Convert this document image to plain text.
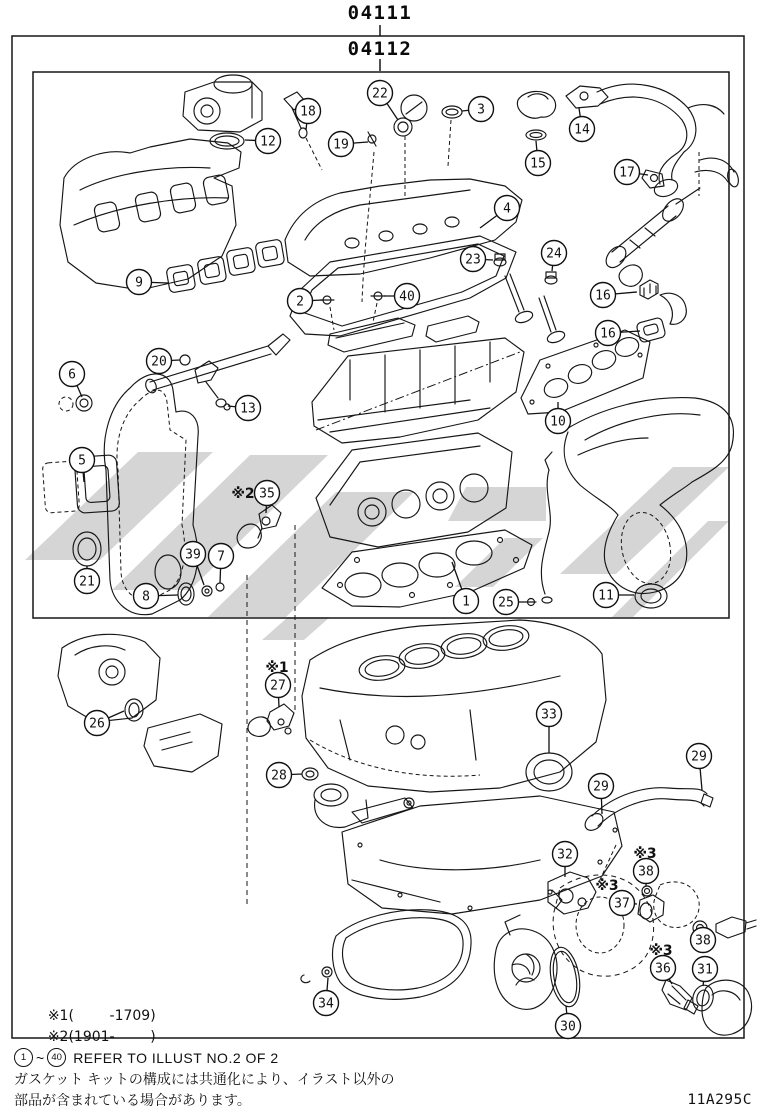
04111
04112
1
2
3
4
5
6
7
8
9
10
11
12
13
14
15
16
16
17
18
19
20
21
22
23	24
25
26
27
28
29
29
30
31
32
33
34
35
36
37
38
38
39
40
※1
※2
※3
※3
※3

※1(        -1709)

※2(1901-        )

1 ~ 40 REFER TO ILLUST NO.2 OF 2
ガスケット キットの構成には共通化により、イラスト以外の
部品が含まれている場合があります。	11A295C
